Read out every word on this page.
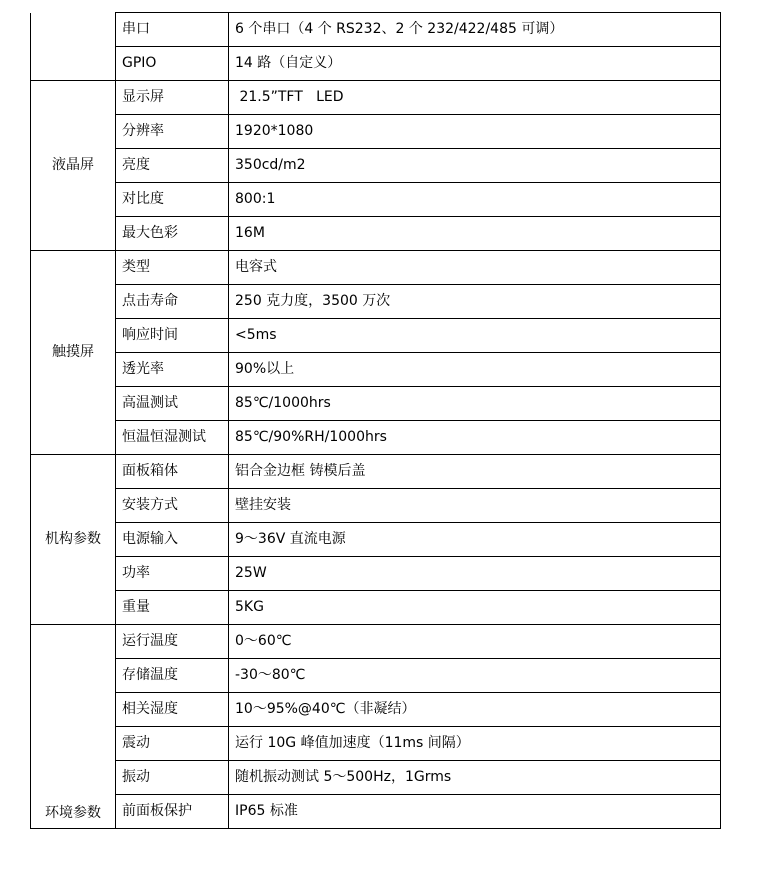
	串口	6 个串口（4 个 RS232、2 个 232/422/485 可调）
	GPIO	14 路（自定义）
液晶屏	显示屏	21.5”TFT   LED
	分辨率	1920*1080
	亮度	350cd/m2
	对比度	800:1
	最大色彩	16M
触摸屏	类型	电容式
	点击寿命	250 克力度，3500 万次
	响应时间	<5ms
	透光率	90%以上
	高温测试	85℃/1000hrs
	恒温恒湿测试	85℃/90%RH/1000hrs
机构参数	面板箱体	铝合金边框 铸模后盖
	安装方式	壁挂安装
	电源输入	9～36V 直流电源
	功率	25W
	重量	5KG
环境参数	运行温度	0～60℃
	存储温度	-30～80℃
	相关湿度	10～95%@40℃（非凝结）
	震动	运行 10G 峰值加速度（11ms 间隔）
	振动	随机振动测试 5～500Hz，1Grms
	前面板保护	IP65 标准
